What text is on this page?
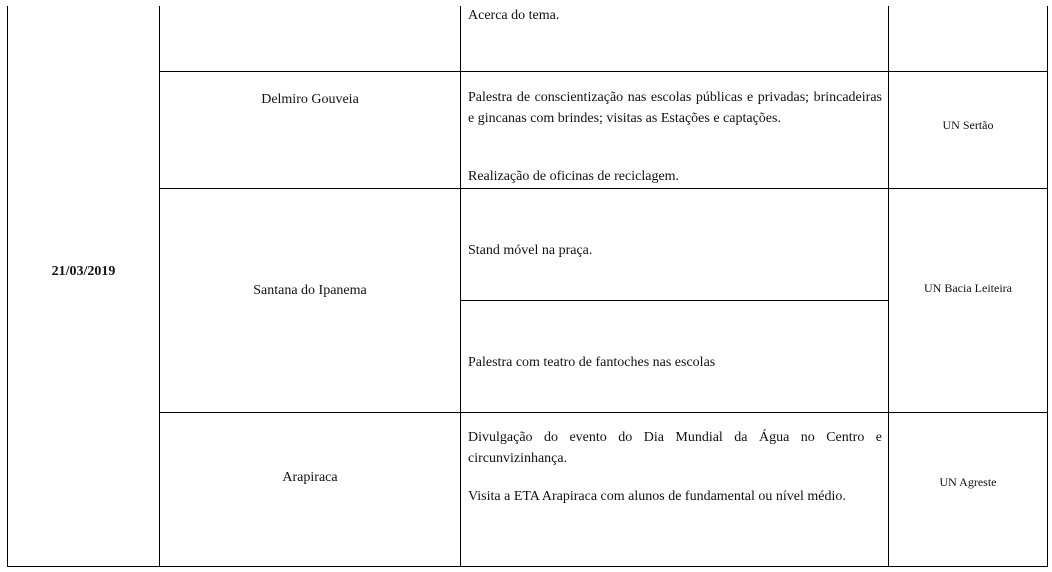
21/03/2019
Acerca do tema.
Delmiro Gouveia	Palestra de conscientização nas escolas públicas e privadas; brincadeiras e gincanas com brindes; visitas as Estações e captações.
Realização de oficinas de reciclagem.
UN Sertão
Santana do Ipanema
Stand móvel na praça.
Palestra com teatro de fantoches nas escolas
UN Bacia Leiteira
Arapiraca
Divulgação do evento do Dia Mundial da Água no Centro e circunvizinhança.
Visita a ETA Arapiraca com alunos de fundamental ou nível médio.
UN Agreste
